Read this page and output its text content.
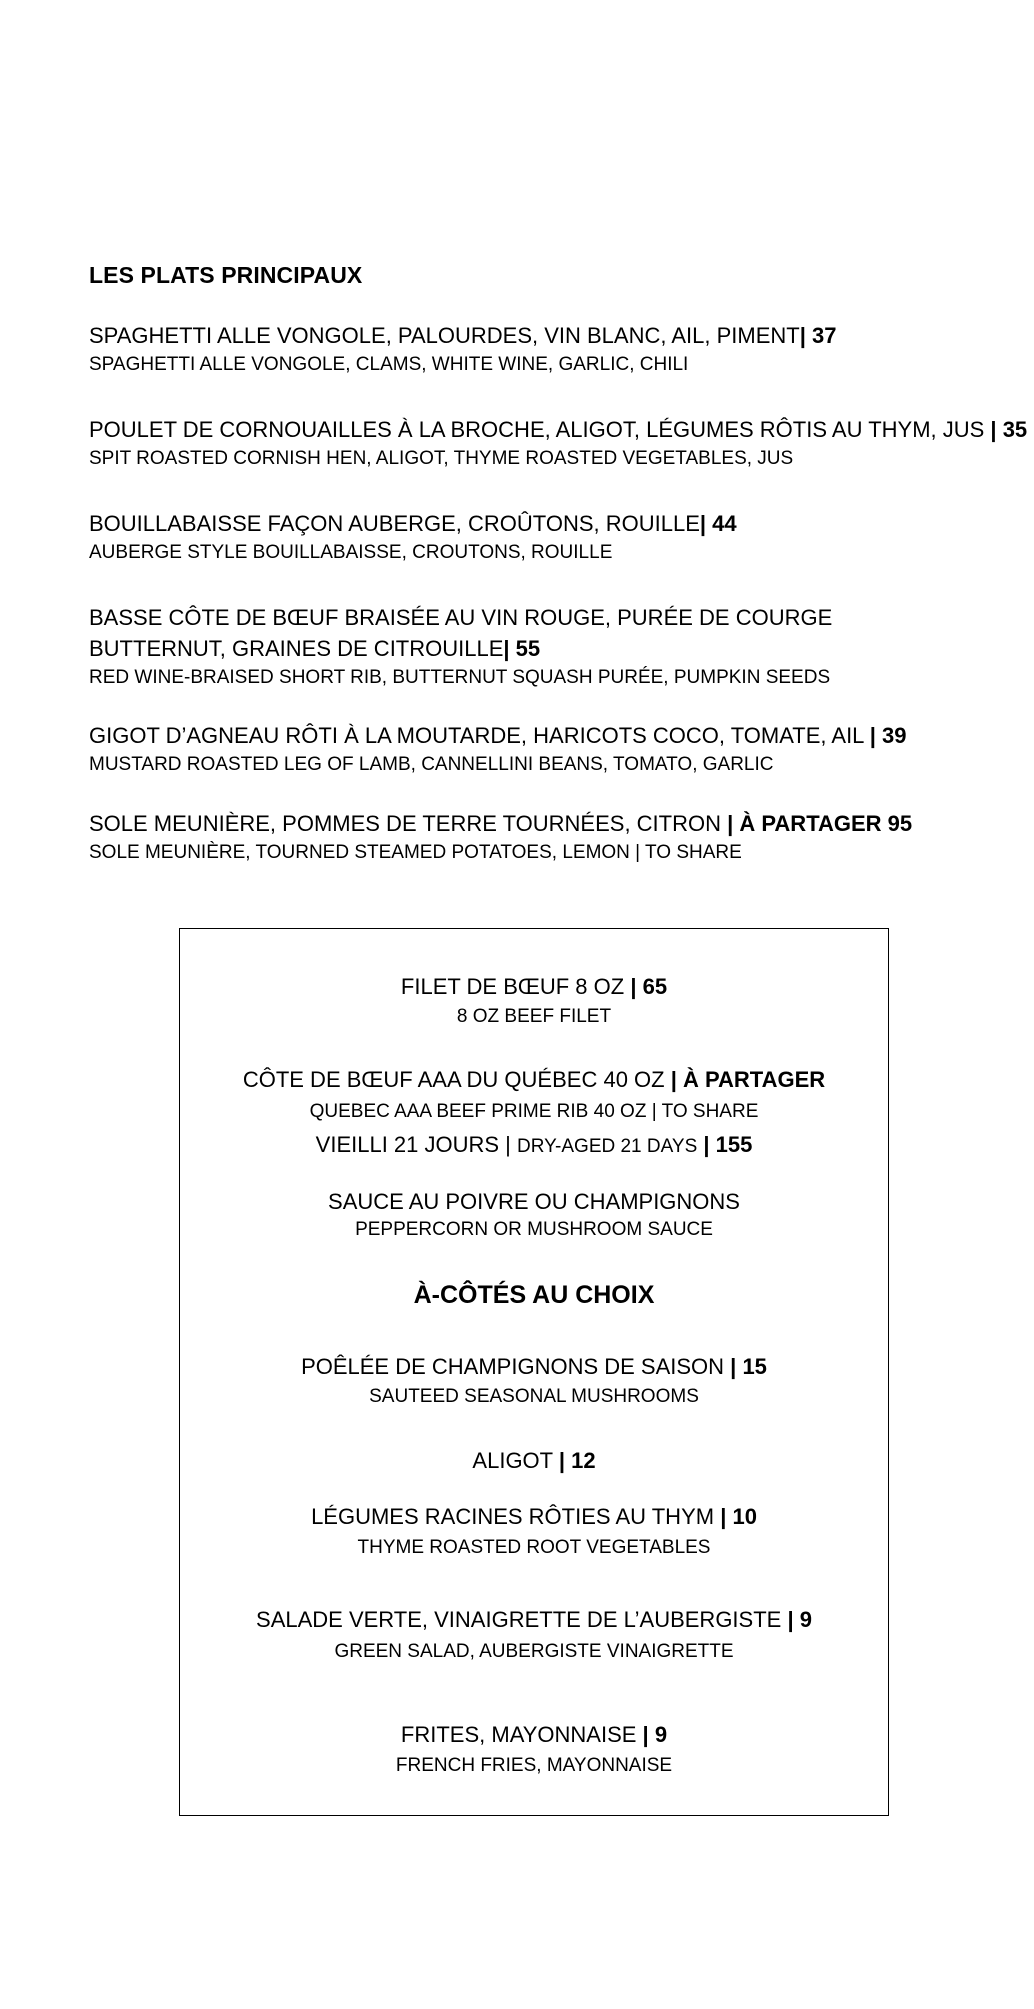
LES PLATS PRINCIPAUX
SPAGHETTI ALLE VONGOLE, PALOURDES, VIN BLANC, AIL, PIMENT| 37
SPAGHETTI ALLE VONGOLE, CLAMS, WHITE WINE, GARLIC, CHILI
POULET DE CORNOUAILLES À LA BROCHE, ALIGOT, LÉGUMES RÔTIS AU THYM, JUS | 35
SPIT ROASTED CORNISH HEN, ALIGOT, THYME ROASTED VEGETABLES, JUS
BOUILLABAISSE FAÇON AUBERGE, CROÛTONS, ROUILLE| 44
AUBERGE STYLE BOUILLABAISSE, CROUTONS, ROUILLE
BASSE CÔTE DE BŒUF BRAISÉE AU VIN ROUGE, PURÉE DE COURGE BUTTERNUT, GRAINES DE CITROUILLE| 55
RED WINE-BRAISED SHORT RIB, BUTTERNUT SQUASH PURÉE, PUMPKIN SEEDS
GIGOT D’AGNEAU RÔTI À LA MOUTARDE, HARICOTS COCO, TOMATE, AIL | 39
MUSTARD ROASTED LEG OF LAMB, CANNELLINI BEANS, TOMATO, GARLIC
SOLE MEUNIÈRE, POMMES DE TERRE TOURNÉES, CITRON | À PARTAGER 95
SOLE MEUNIÈRE, TOURNED STEAMED POTATOES, LEMON | TO SHARE
FILET DE BŒUF 8 OZ | 65
8 OZ BEEF FILET
CÔTE DE BŒUF AAA DU QUÉBEC 40 OZ | À PARTAGER
QUEBEC AAA BEEF PRIME RIB 40 OZ | TO SHARE
VIEILLI 21 JOURS | DRY-AGED 21 DAYS | 155
SAUCE AU POIVRE OU CHAMPIGNONS
PEPPERCORN OR MUSHROOM SAUCE
À-CÔTÉS AU CHOIX
POÊLÉE DE CHAMPIGNONS DE SAISON | 15
SAUTEED SEASONAL MUSHROOMS
ALIGOT | 12
LÉGUMES RACINES RÔTIES AU THYM | 10
THYME ROASTED ROOT VEGETABLES
SALADE VERTE, VINAIGRETTE DE L’AUBERGISTE | 9
GREEN SALAD, AUBERGISTE VINAIGRETTE
FRITES, MAYONNAISE | 9
FRENCH FRIES, MAYONNAISE
